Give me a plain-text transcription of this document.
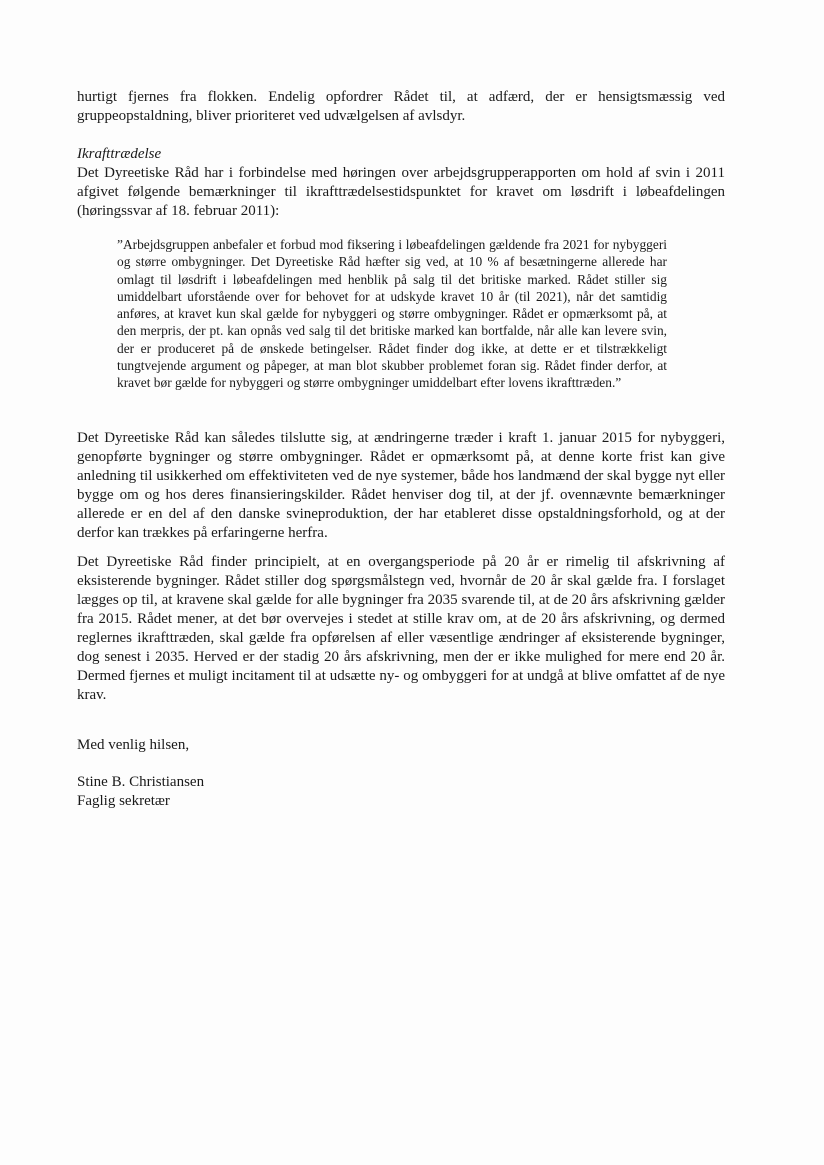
hurtigt fjernes fra flokken. Endelig opfordrer Rådet til, at adfærd, der er hensigtsmæssig ved gruppeopstaldning, bliver prioriteret ved udvælgelsen af avlsdyr.

Ikrafttrædelse
Det Dyreetiske Råd har i forbindelse med høringen over arbejdsgrupperapporten om hold af svin i 2011 afgivet følgende bemærkninger til ikrafttrædelsestidspunktet for kravet om løsdrift i løbeafdelingen (høringssvar af 18. februar 2011):

”Arbejdsgruppen anbefaler et forbud mod fiksering i løbeafdelingen gældende fra 2021 for nybyggeri og større ombygninger. Det Dyreetiske Råd hæfter sig ved, at 10 % af besætningerne allerede har omlagt til løsdrift i løbeafdelingen med henblik på salg til det britiske marked. Rådet stiller sig umiddelbart uforstående over for behovet for at udskyde kravet 10 år (til 2021), når det samtidig anføres, at kravet kun skal gælde for nybyggeri og større ombygninger. Rådet er opmærksomt på, at den merpris, der pt. kan opnås ved salg til det britiske marked kan bortfalde, når alle kan levere svin, der er produceret på de ønskede betingelser. Rådet finder dog ikke, at dette er et tilstrækkeligt tungtvejende argument og påpeger, at man blot skubber problemet foran sig. Rådet finder derfor, at kravet bør gælde for nybyggeri og større ombygninger umiddelbart efter lovens ikrafttræden.”

Det Dyreetiske Råd kan således tilslutte sig, at ændringerne træder i kraft 1. januar 2015 for nybyggeri, genopførte bygninger og større ombygninger. Rådet er opmærksomt på, at denne korte frist kan give anledning til usikkerhed om effektiviteten ved de nye systemer, både hos landmænd der skal bygge nyt eller bygge om og hos deres finansieringskilder. Rådet henviser dog til, at der jf. ovennævnte bemærkninger allerede er en del af den danske svineproduktion, der har etableret disse opstaldningsforhold, og at der derfor kan trækkes på erfaringerne herfra.

Det Dyreetiske Råd finder principielt, at en overgangsperiode på 20 år er rimelig til afskrivning af eksisterende bygninger. Rådet stiller dog spørgsmålstegn ved, hvornår de 20 år skal gælde fra. I forslaget lægges op til, at kravene skal gælde for alle bygninger fra 2035 svarende til, at de 20 års afskrivning gælder fra 2015. Rådet mener, at det bør overvejes i stedet at stille krav om, at de 20 års afskrivning, og dermed reglernes ikrafttræden, skal gælde fra opførelsen af eller væsentlige ændringer af eksisterende bygninger, dog senest i 2035. Herved er der stadig 20 års afskrivning, men der er ikke mulighed for mere end 20 år. Dermed fjernes et muligt incitament til at udsætte ny- og ombyggeri for at undgå at blive omfattet af de nye krav.

Med venlig hilsen,

Stine B. Christiansen

Faglig sekretær
